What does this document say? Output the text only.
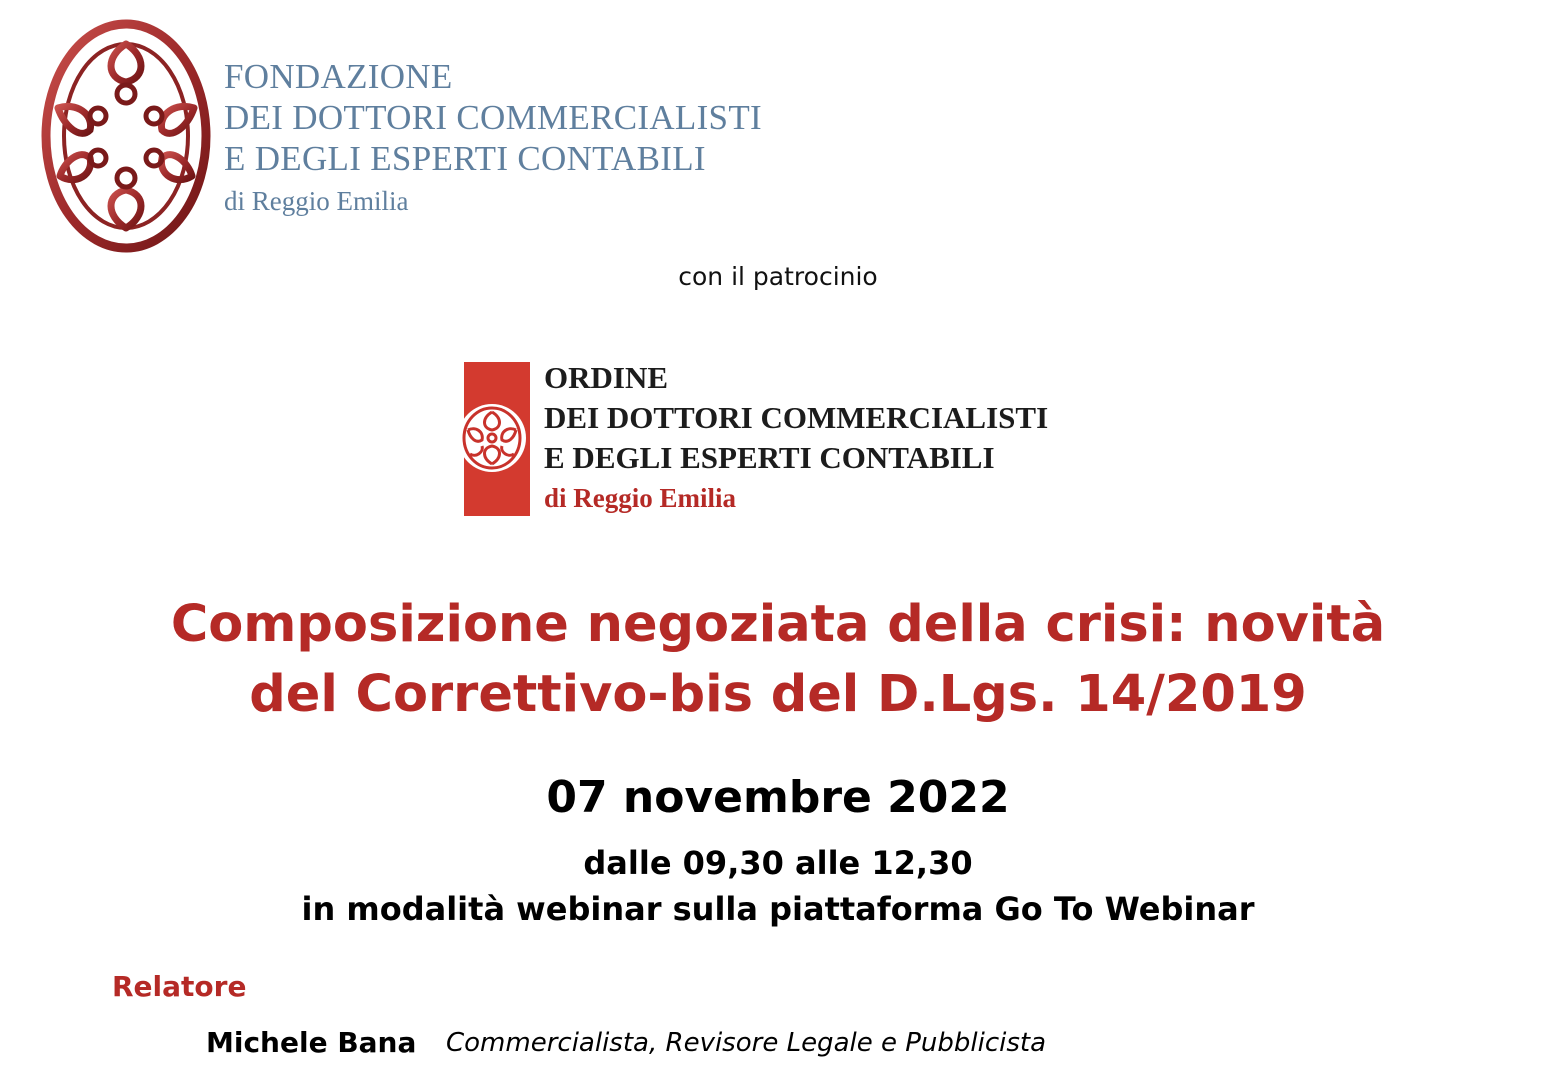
FONDAZIONE
DEI DOTTORI COMMERCIALISTI
E DEGLI ESPERTI CONTABILI
di Reggio Emilia
con il patrocinio
ORDINE
DEI DOTTORI COMMERCIALISTI
E DEGLI ESPERTI CONTABILI
di Reggio Emilia
Composizione negoziata della crisi: novità
del Correttivo-bis del D.Lgs. 14/2019
07 novembre 2022
dalle 09,30 alle 12,30
in modalità webinar sulla piattaforma Go To Webinar
Relatore
Michele Bana Commercialista, Revisore Legale e Pubblicista
